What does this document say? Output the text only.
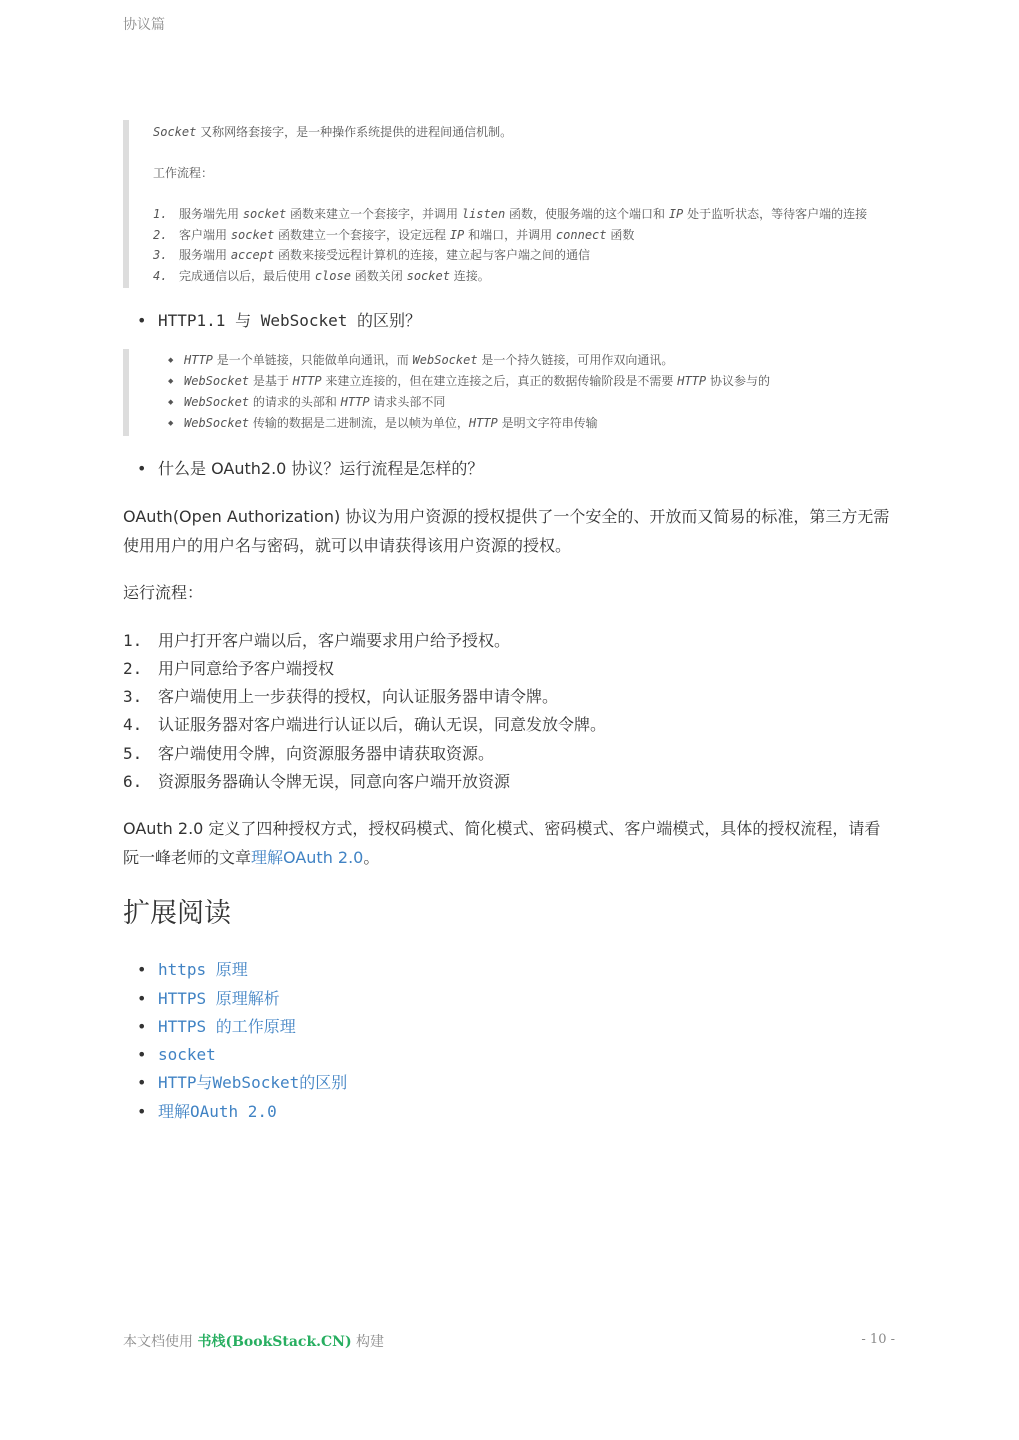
协议篇

Socket 又称网络套接字，是一种操作系统提供的进程间通信机制。

工作流程：

1. 服务端先用 socket 函数来建立一个套接字，并调用 listen 函数，使服务端的这个端口和 IP 处于监听状态，等待客户端的连接
2. 客户端用 socket 函数建立一个套接字，设定远程 IP 和端口，并调用 connect 函数
3. 服务端用 accept 函数来接受远程计算机的连接，建立起与客户端之间的通信
4. 完成通信以后，最后使用 close 函数关闭 socket 连接。
• HTTP1.1 与 WebSocket 的区别？
◆ HTTP 是一个单链接，只能做单向通讯，而 WebSocket 是一个持久链接，可用作双向通讯。
◆ WebSocket 是基于 HTTP 来建立连接的，但在建立连接之后，真正的数据传输阶段是不需要 HTTP 协议参与的
◆ WebSocket 的请求的头部和 HTTP 请求头部不同
◆ WebSocket 传输的数据是二进制流，是以帧为单位，HTTP 是明文字符串传输
• 什么是 OAuth2.0 协议？运行流程是怎样的？

OAuth(Open Authorization) 协议为用户资源的授权提供了一个安全的、开放而又简易的标准，第三方无需使用用户的用户名与密码，就可以申请获得该用户资源的授权。

运行流程：

1. 用户打开客户端以后，客户端要求用户给予授权。
2. 用户同意给予客户端授权
3. 客户端使用上一步获得的授权，向认证服务器申请令牌。
4. 认证服务器对客户端进行认证以后，确认无误，同意发放令牌。
5. 客户端使用令牌，向资源服务器申请获取资源。
6. 资源服务器确认令牌无误，同意向客户端开放资源

OAuth 2.0 定义了四种授权方式，授权码模式、简化模式、密码模式、客户端模式，具体的授权流程，请看阮一峰老师的文章理解OAuth 2.0。

扩展阅读
• https 原理
• HTTPS 原理解析
• HTTPS 的工作原理
• socket
• HTTP与WebSocket的区别
• 理解OAuth 2.0
本文档使用 书栈(BookStack.CN) 构建	- 10 -
